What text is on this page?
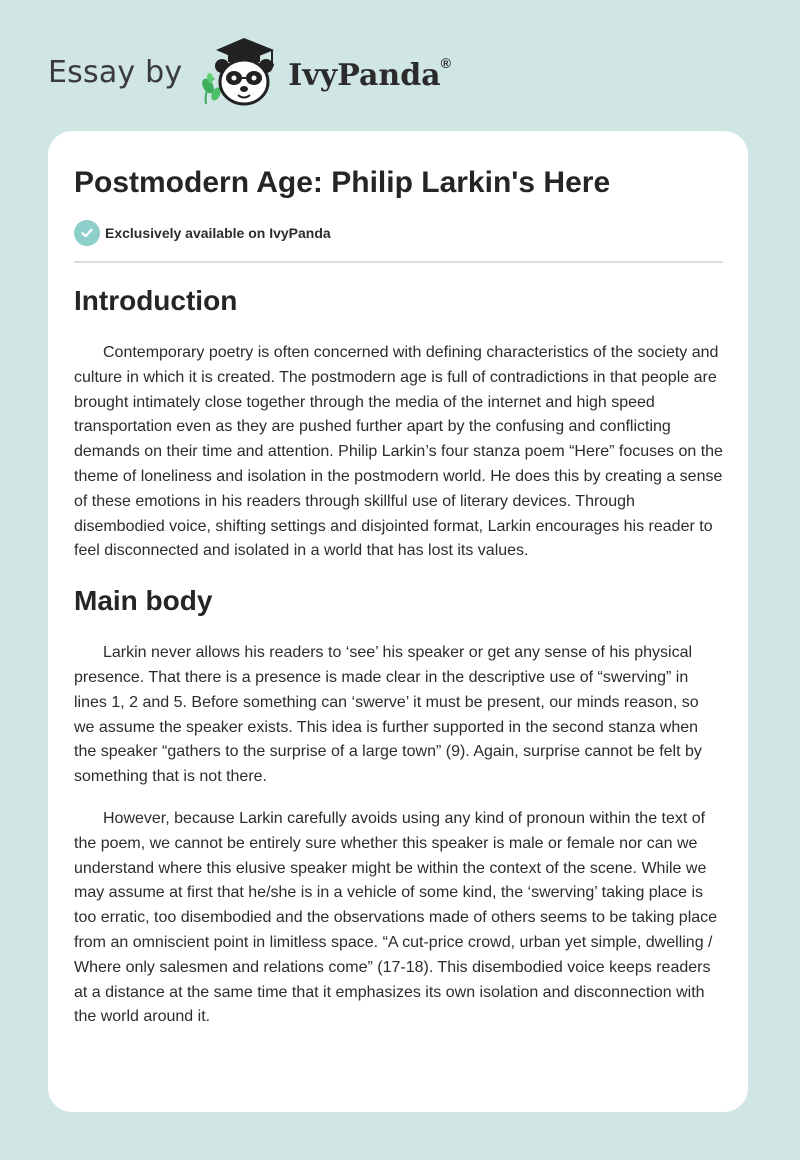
Essay by	IvyPanda®
Postmodern Age: Philip Larkin's Here
Exclusively available on IvyPanda
Introduction

Contemporary poetry is often concerned with defining characteristics of the society and culture in which it is created. The postmodern age is full of contradictions in that people are brought intimately close together through the media of the internet and high speed transportation even as they are pushed further apart by the confusing and conflicting demands on their time and attention. Philip Larkin’s four stanza poem “Here” focuses on the theme of loneliness and isolation in the postmodern world. He does this by creating a sense of these emotions in his readers through skillful use of literary devices. Through disembodied voice, shifting settings and disjointed format, Larkin encourages his reader to feel disconnected and isolated in a world that has lost its values.

Main body

Larkin never allows his readers to ‘see’ his speaker or get any sense of his physical presence. That there is a presence is made clear in the descriptive use of “swerving” in lines 1, 2 and 5. Before something can ‘swerve’ it must be present, our minds reason, so we assume the speaker exists. This idea is further supported in the second stanza when the speaker “gathers to the surprise of a large town” (9). Again, surprise cannot be felt by something that is not there.

However, because Larkin carefully avoids using any kind of pronoun within the text of the poem, we cannot be entirely sure whether this speaker is male or female nor can we understand where this elusive speaker might be within the context of the scene. While we may assume at first that he/she is in a vehicle of some kind, the ‘swerving’ taking place is too erratic, too disembodied and the observations made of others seems to be taking place from an omniscient point in limitless space. “A cut-price crowd, urban yet simple, dwelling / Where only salesmen and relations come” (17-18). This disembodied voice keeps readers at a distance at the same time that it emphasizes its own isolation and disconnection with the world around it.
